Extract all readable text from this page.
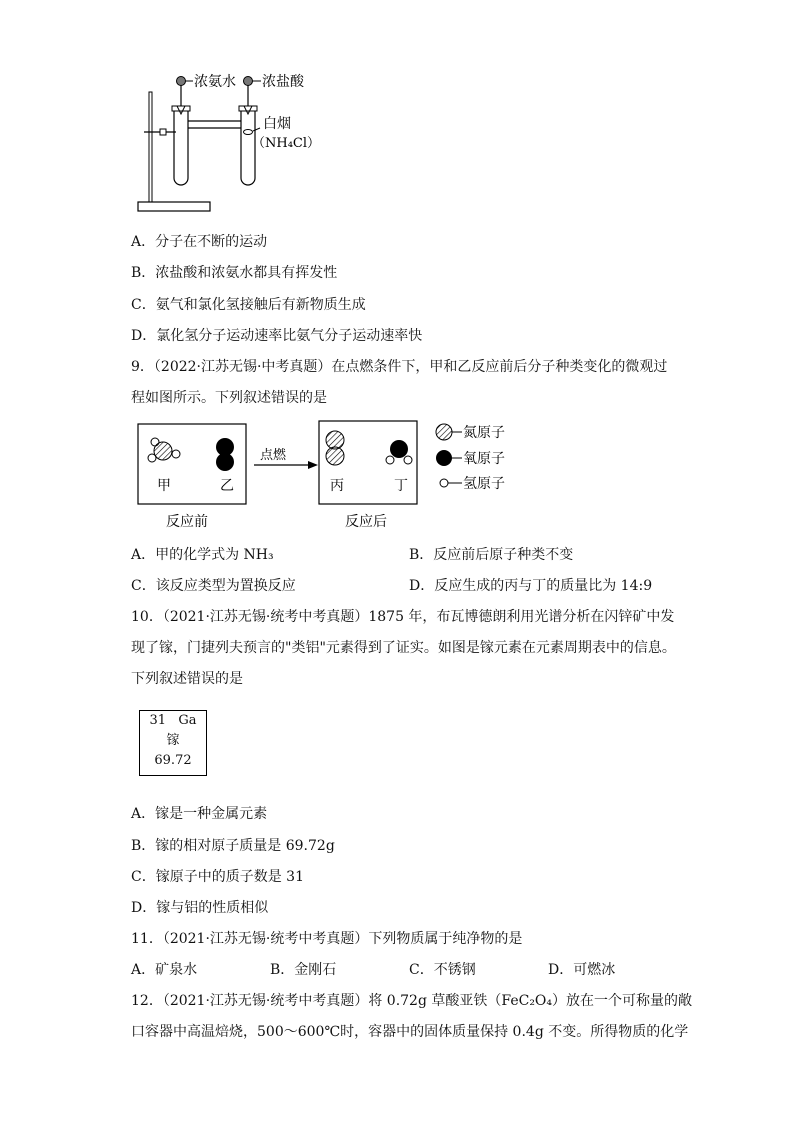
浓氨水 浓盐酸
白烟
（NH₄Cl）
A．分子在不断的运动
B．浓盐酸和浓氨水都具有挥发性
C．氨气和氯化氢接触后有新物质生成
D．氯化氢分子运动速率比氨气分子运动速率快
9．（2022·江苏无锡·中考真题）在点燃条件下，甲和乙反应前后分子种类变化的微观过
程如图所示。下列叙述错误的是
甲	乙
反应前
点燃
丙	丁
反应后
氮原子
氧原子
氢原子
A．甲的化学式为 NH₃	B．反应前后原子种类不变
C．该反应类型为置换反应	D．反应生成的丙与丁的质量比为 14:9
10．（2021·江苏无锡·统考中考真题）1875 年，布瓦博德朗利用光谱分析在闪锌矿中发
现了镓，门捷列夫预言的"类铝"元素得到了证实。如图是镓元素在元素周期表中的信息。
下列叙述错误的是
31 Ga
镓
69.72
A．镓是一种金属元素
B．镓的相对原子质量是 69.72g
C．镓原子中的质子数是 31
D．镓与铝的性质相似
11．（2021·江苏无锡·统考中考真题）下列物质属于纯净物的是
A．矿泉水	B．金刚石	C．不锈钢	D．可燃冰
12．（2021·江苏无锡·统考中考真题）将 0.72g 草酸亚铁（FeC₂O₄）放在一个可称量的敞
口容器中高温焙烧，500～600℃时，容器中的固体质量保持 0.4g 不变。所得物质的化学
